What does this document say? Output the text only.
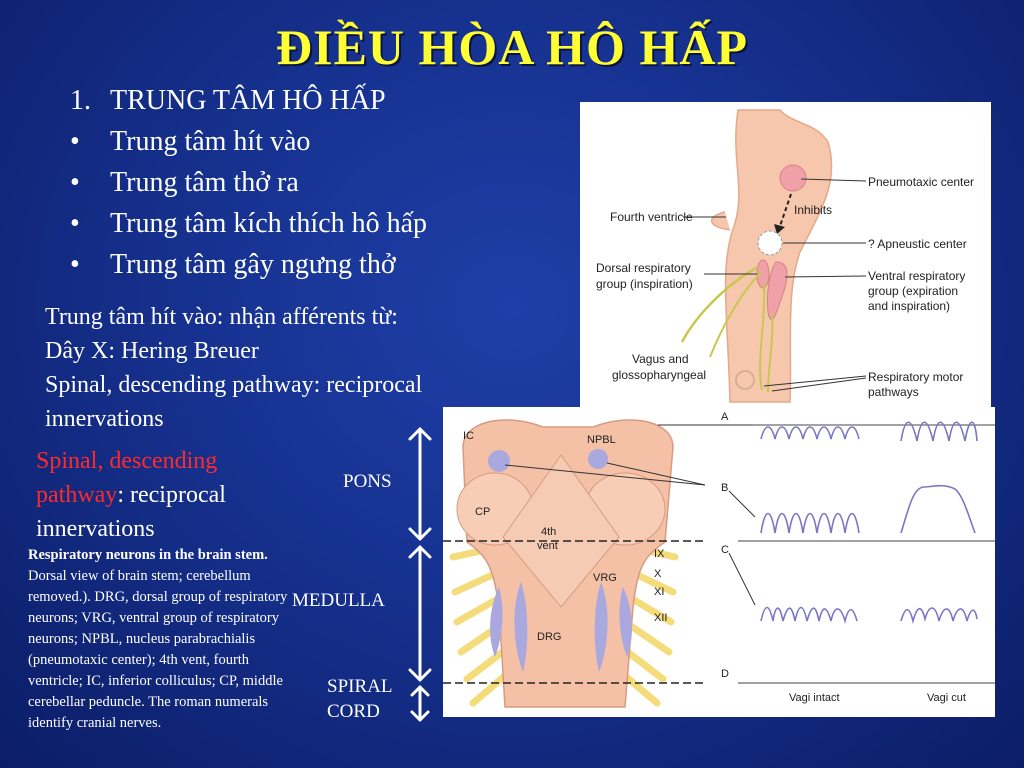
ĐIỀU HÒA HÔ HẤP
1. TRUNG TÂM HÔ HẤP
• Trung tâm hít vào
• Trung tâm thở ra
• Trung tâm kích thích hô hấp
• Trung tâm gây ngưng thở
Trung tâm hít vào: nhận afférents từ:
Dây X: Hering Breuer
Spinal, descending pathway: reciprocal
innervations
Spinal, descending pathway: reciprocal innervations
Respiratory neurons in the brain stem. Dorsal view of brain stem; cerebellum removed.). DRG, dorsal group of respiratory neurons; VRG, ventral group of respiratory neurons; NPBL, nucleus parabrachialis (pneumotaxic center); 4th vent, fourth ventricle; IC, inferior colliculus; CP, middle cerebellar peduncle. The roman numerals identify cranial nerves.
Pneumotaxic center
Inhibits
Fourth ventricle
? Apneustic center
Dorsal respiratory
group (inspiration)
Ventral respiratory
group (expiration
and inspiration)
Vagus and
glossopharyngeal	Respiratory motor
pathways
IC	NPBL
CP
4th
vent
VRG
DRG
IX
X
XI
XII
A
B
C
D
Vagi intact	Vagi cut
PONS
MEDULLA
SPIRAL
CORD
